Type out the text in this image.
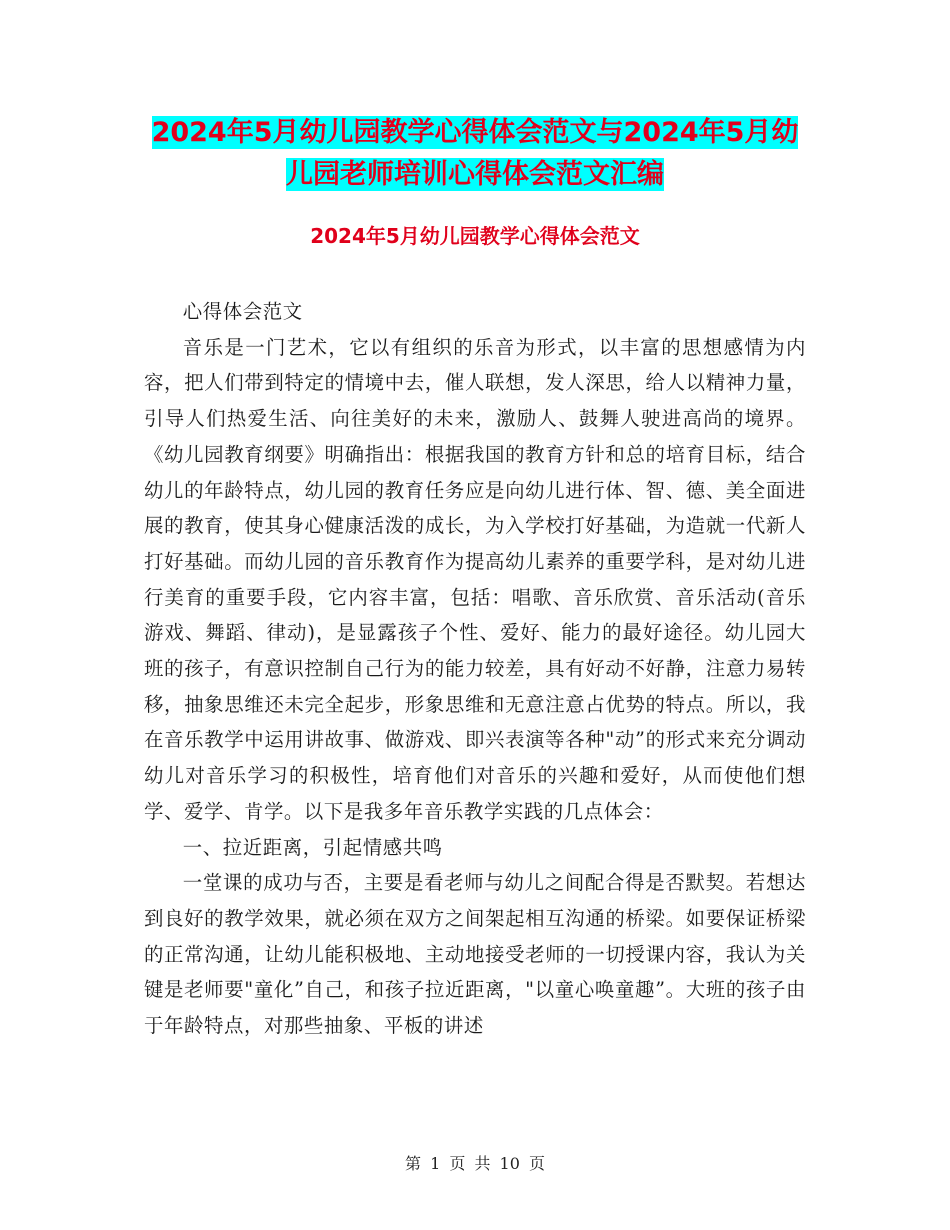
2024年5月幼儿园教学心得体会范文与2024年5月幼儿园老师培训心得体会范文汇编
2024年5月幼儿园教学心得体会范文

心得体会范文

音乐是一门艺术，它以有组织的乐音为形式，以丰富的思想感情为内容，把人们带到特定的情境中去，催人联想，发人深思，给人以精神力量，引导人们热爱生活、向往美好的未来，激励人、鼓舞人驶进高尚的境界。《幼儿园教育纲要》明确指出：根据我国的教育方针和总的培育目标，结合幼儿的年龄特点，幼儿园的教育任务应是向幼儿进行体、智、德、美全面进展的教育，使其身心健康活泼的成长，为入学校打好基础，为造就一代新人打好基础。而幼儿园的音乐教育作为提高幼儿素养的重要学科，是对幼儿进行美育的重要手段，它内容丰富，包括：唱歌、音乐欣赏、音乐活动(音乐游戏、舞蹈、律动)，是显露孩子个性、爱好、能力的最好途径。幼儿园大班的孩子，有意识控制自己行为的能力较差，具有好动不好静，注意力易转移，抽象思维还未完全起步，形象思维和无意注意占优势的特点。所以，我在音乐教学中运用讲故事、做游戏、即兴表演等各种"动”的形式来充分调动幼儿对音乐学习的积极性，培育他们对音乐的兴趣和爱好，从而使他们想学、爱学、肯学。以下是我多年音乐教学实践的几点体会：

一、拉近距离，引起情感共鸣

一堂课的成功与否，主要是看老师与幼儿之间配合得是否默契。若想达到良好的教学效果，就必须在双方之间架起相互沟通的桥梁。如要保证桥梁的正常沟通，让幼儿能积极地、主动地接受老师的一切授课内容，我认为关键是老师要"童化”自己，和孩子拉近距离，"以童心唤童趣”。大班的孩子由于年龄特点，对那些抽象、平板的讲述

第 1 页 共 10 页
